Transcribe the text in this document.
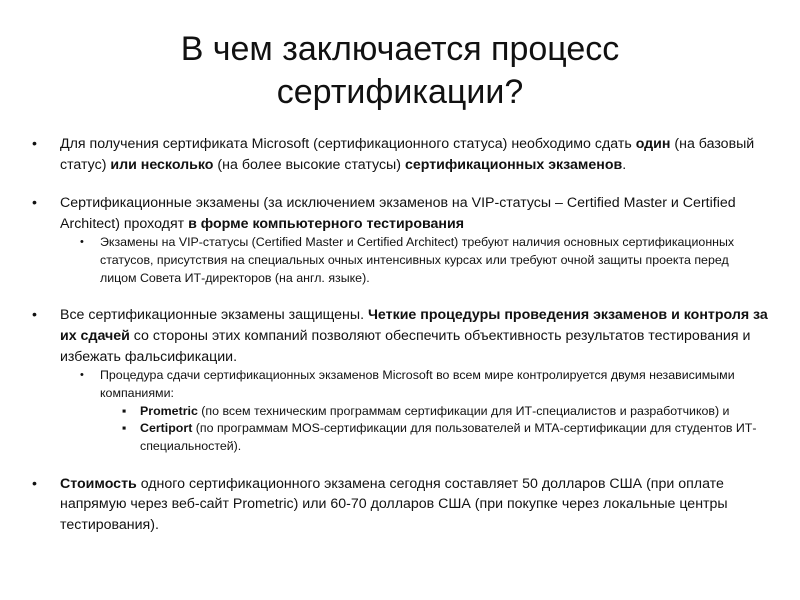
В чем заключается процесс
сертификации?

• Для получения сертификата Microsoft (сертификационного статуса) необходимо сдать один (на базовый статус) или несколько (на более высокие статусы) сертификационных экзаменов.

• Сертификационные экзамены (за исключением экзаменов на VIP-статусы – Certified Master и Certified Architect) проходят в форме компьютерного тестирования

• Экзамены на VIP-статусы (Certified Master и Certified Architect) требуют наличия основных сертификационных статусов, присутствия на специальных очных интенсивных курсах или требуют очной защиты проекта перед лицом Совета ИТ-директоров (на англ. языке).

• Все сертификационные экзамены защищены. Четкие процедуры проведения экзаменов и контроля за их сдачей со стороны этих компаний позволяют обеспечить объективность результатов тестирования и избежать фальсификации.

• Процедура сдачи сертификационных экзаменов Microsoft во всем мире контролируется двумя независимыми компаниями:

▪ Prometric (по всем техническим программам сертификации для ИТ-специалистов и разработчиков) и

▪ Certiport (по программам MOS-сертификации для пользователей и MTA-сертификации для студентов ИТ-специальностей).

• Стоимость одного сертификационного экзамена сегодня составляет 50 долларов США (при оплате напрямую через веб-сайт Prometric) или 60-70 долларов США (при покупке через локальные центры тестирования).
